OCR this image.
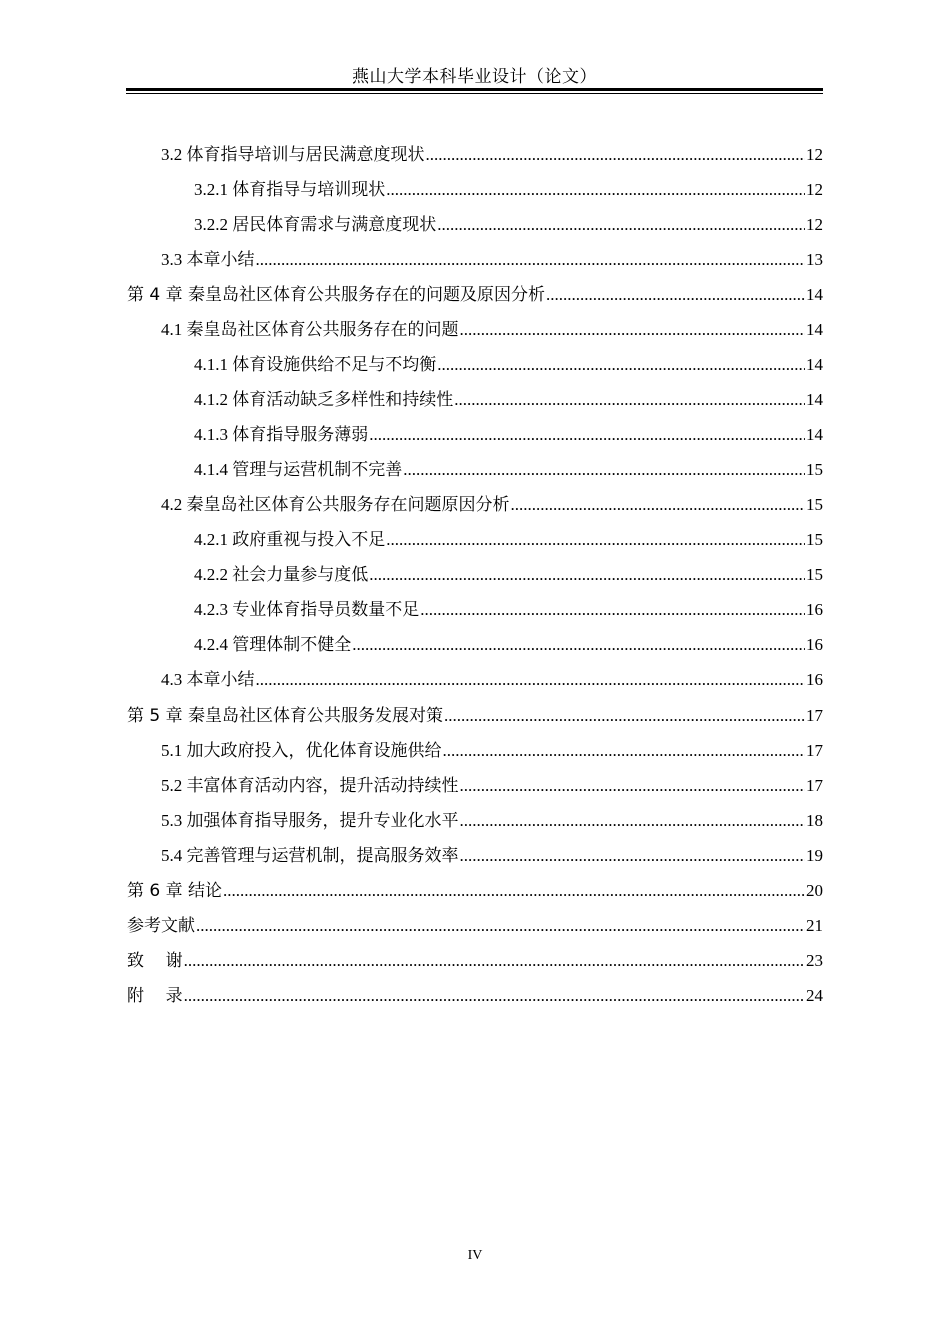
燕山大学本科毕业设计（论文）
3.2 体育指导培训与居民满意度现状 .....	12
3.2.1 体育指导与培训现状 .....	12
3.2.2 居民体育需求与满意度现状 .....	12
3.3 本章小结 .....	13
第 4 章 秦皇岛社区体育公共服务存在的问题及原因分析 .....	14
4.1 秦皇岛社区体育公共服务存在的问题 .....	14
4.1.1 体育设施供给不足与不均衡 .....	14
4.1.2 体育活动缺乏多样性和持续性 .....	14
4.1.3 体育指导服务薄弱 .....	14
4.1.4 管理与运营机制不完善 .....	15
4.2 秦皇岛社区体育公共服务存在问题原因分析 .....	15
4.2.1 政府重视与投入不足 .....	15
4.2.2 社会力量参与度低 .....	15
4.2.3 专业体育指导员数量不足 .....	16
4.2.4 管理体制不健全 .....	16
4.3 本章小结 .....	16
第 5 章 秦皇岛社区体育公共服务发展对策 .....	17
5.1 加大政府投入，优化体育设施供给 .....	17
5.2 丰富体育活动内容，提升活动持续性 .....	17
5.3 加强体育指导服务，提升专业化水平 .....	18
5.4 完善管理与运营机制，提高服务效率 .....	19
第 6 章 结论 .....	20
参考文献 .....	21
致    谢 .....	23
附    录 .....	24
IV
